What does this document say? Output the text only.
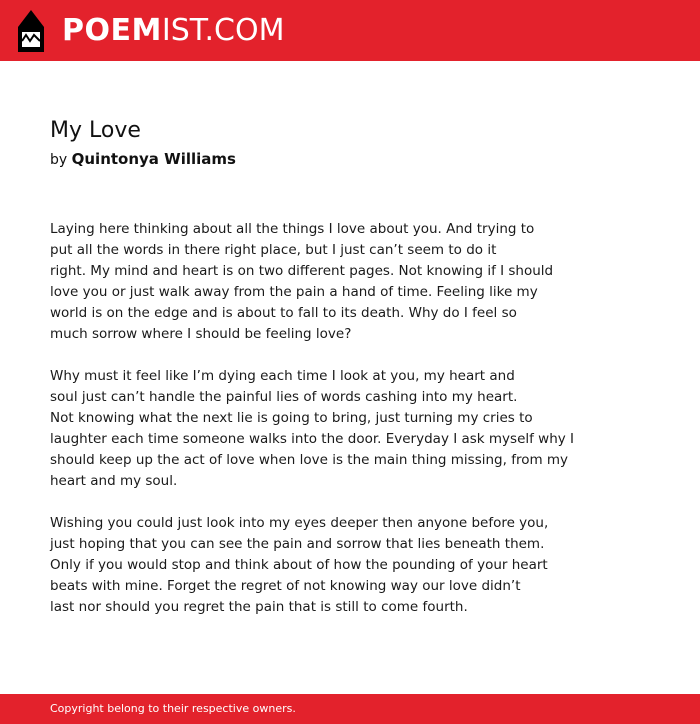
POEMIST.COM
My Love
by Quintonya Williams
Laying here thinking about all the things I love about you. And trying to
put all the words in there right place, but I just can’t seem to do it
right. My mind and heart is on two different pages. Not knowing if I should
love you or just walk away from the pain a hand of time. Feeling like my
world is on the edge and is about to fall to its death. Why do I feel so
much sorrow where I should be feeling love?
Why must it feel like I’m dying each time I look at you, my heart and
soul just can’t handle the painful lies of words cashing into my heart.
Not knowing what the next lie is going to bring, just turning my cries to
laughter each time someone walks into the door. Everyday I ask myself why I
should keep up the act of love when love is the main thing missing, from my
heart and my soul.
Wishing you could just look into my eyes deeper then anyone before you,
just hoping that you can see the pain and sorrow that lies beneath them.
Only if you would stop and think about of how the pounding of your heart
beats with mine. Forget the regret of not knowing way our love didn’t
last nor should you regret the pain that is still to come fourth.
Copyright belong to their respective owners.
